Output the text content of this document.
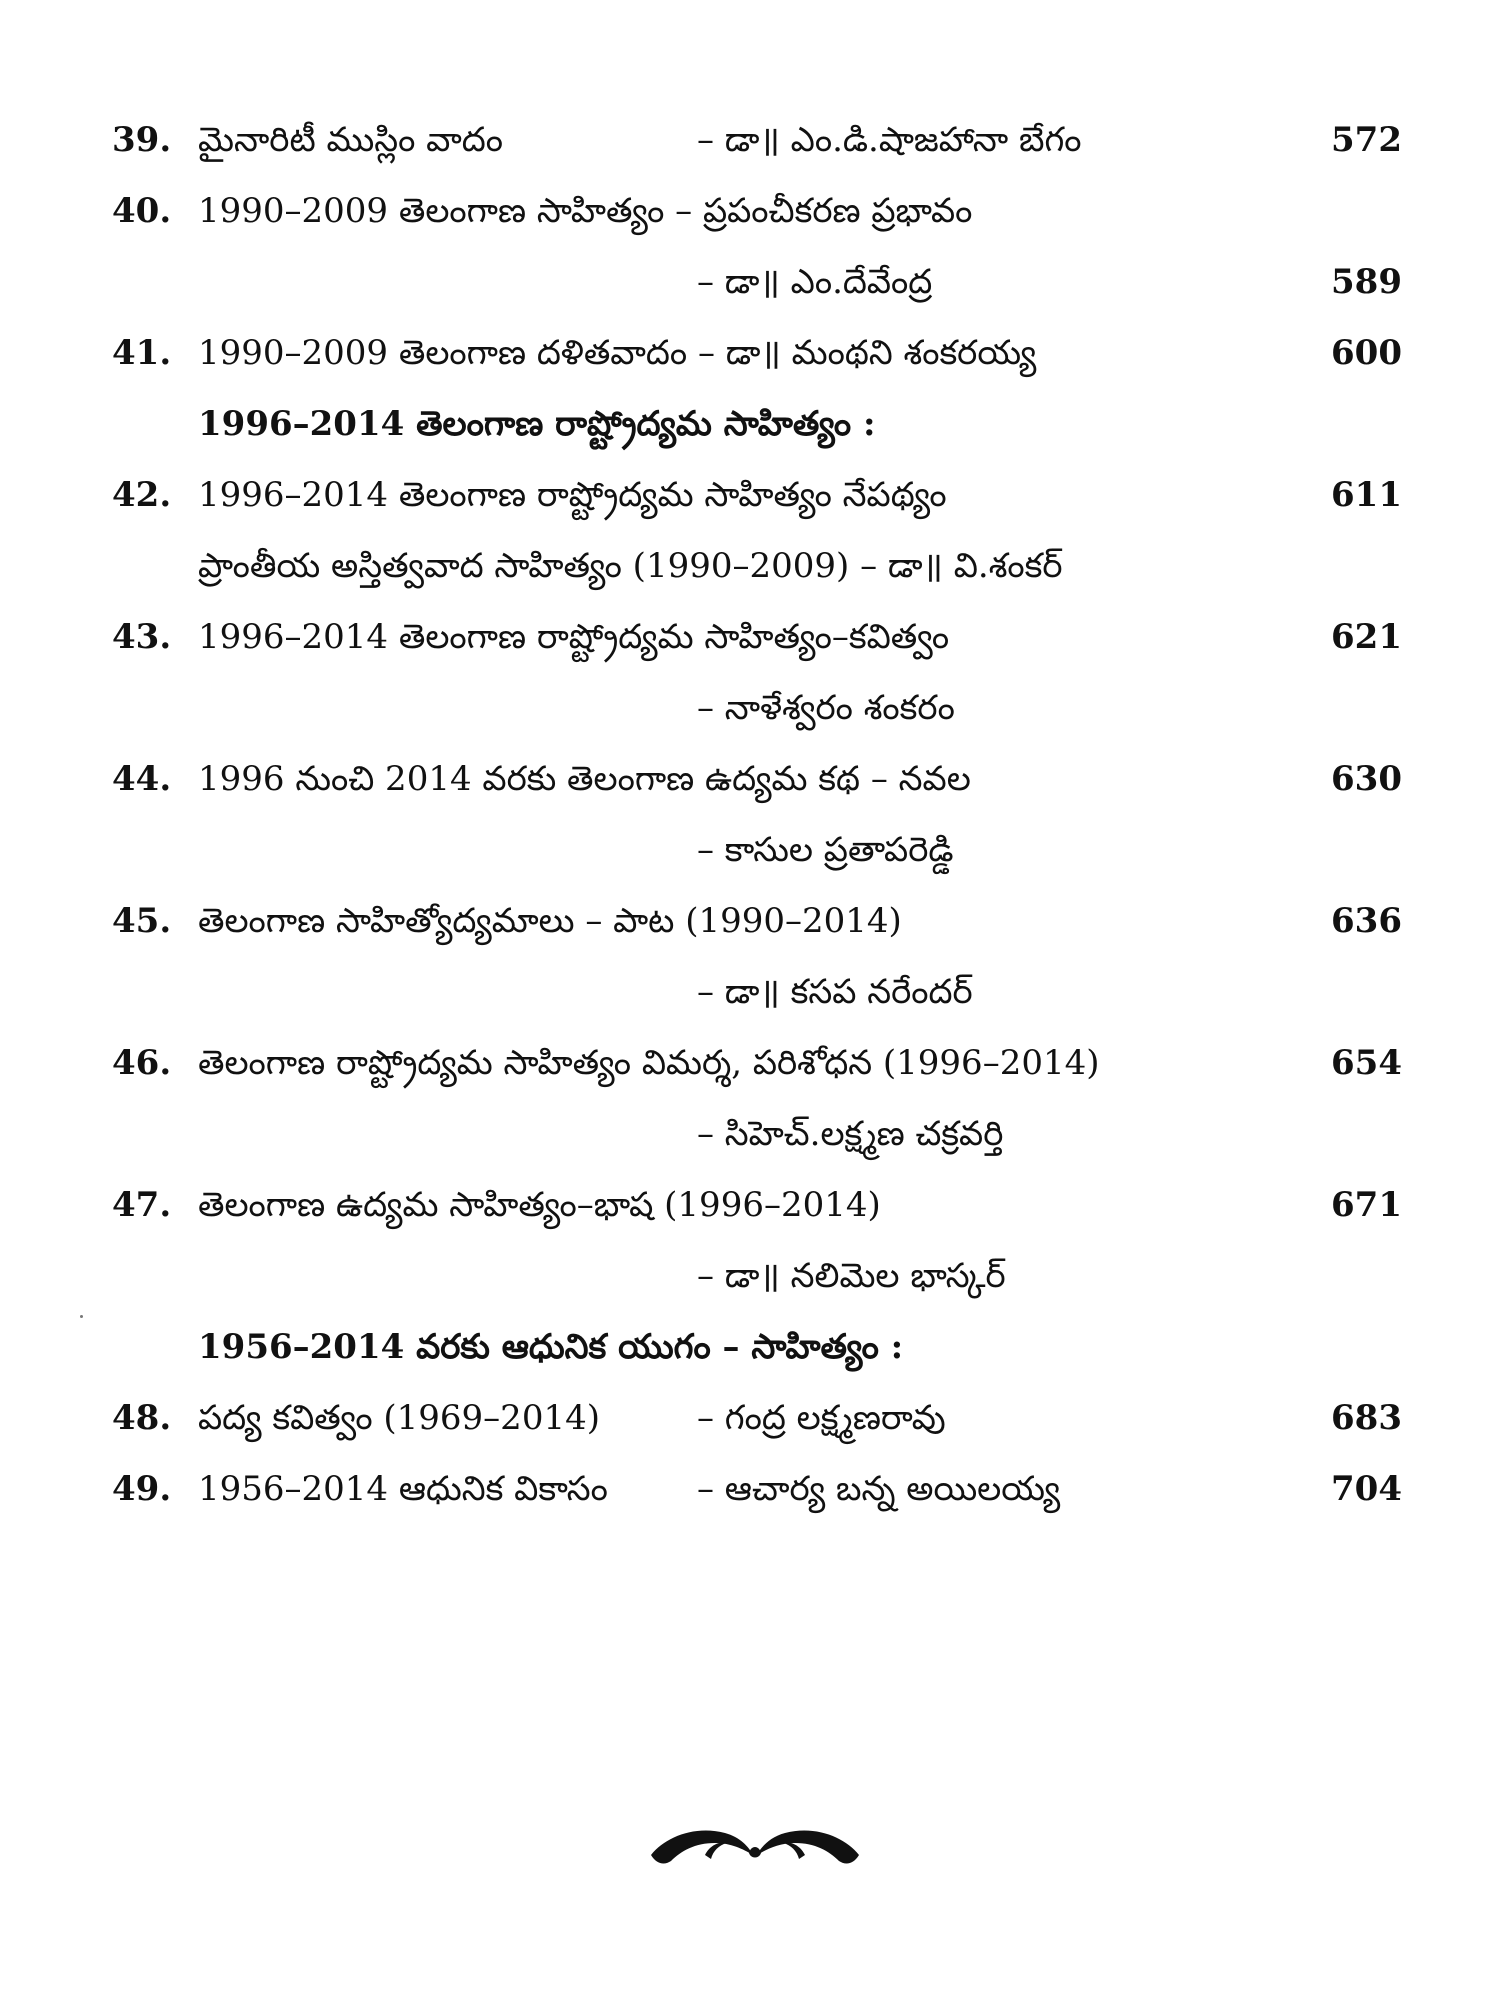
39. మైనారిటీ ముస్లిం వాదం	– డా॥ ఎం.డి.షాజహానా బేగం	572
40. 1990–2009 తెలంగాణ సాహిత్యం – ప్రపంచీకరణ ప్రభావం
– డా॥ ఎం.దేవేంద్ర	589
41. 1990–2009 తెలంగాణ దళితవాదం – డా॥ మంథని శంకరయ్య	600
1996–2014 తెలంగాణ రాష్ట్రోద్యమ సాహిత్యం :
42. 1996–2014 తెలంగాణ రాష్ట్రోద్యమ సాహిత్యం నేపథ్యం	611
ప్రాంతీయ అస్తిత్వవాద సాహిత్యం (1990–2009) – డా॥ వి.శంకర్
43. 1996–2014 తెలంగాణ రాష్ట్రోద్యమ సాహిత్యం–కవిత్వం	621
– నాళేశ్వరం శంకరం
44. 1996 నుంచి 2014 వరకు తెలంగాణ ఉద్యమ కథ – నవల	630
– కాసుల ప్రతాపరెడ్డి
45. తెలంగాణ సాహిత్యోద్యమాలు – పాట (1990–2014)	636
– డా॥ కసప నరేందర్
46. తెలంగాణ రాష్ట్రోద్యమ సాహిత్యం విమర్శ, పరిశోధన (1996–2014)	654
– సిహెచ్.లక్ష్మణ చక్రవర్తి
47. తెలంగాణ ఉద్యమ సాహిత్యం–భాష (1996–2014)	671
– డా॥ నలిమెల భాస్కర్
1956–2014 వరకు ఆధునిక యుగం – సాహిత్యం :
48. పద్య కవిత్వం (1969–2014)	– గంద్ర లక్ష్మణరావు	683
49. 1956–2014 ఆధునిక వికాసం	– ఆచార్య బన్న అయిలయ్య	704
